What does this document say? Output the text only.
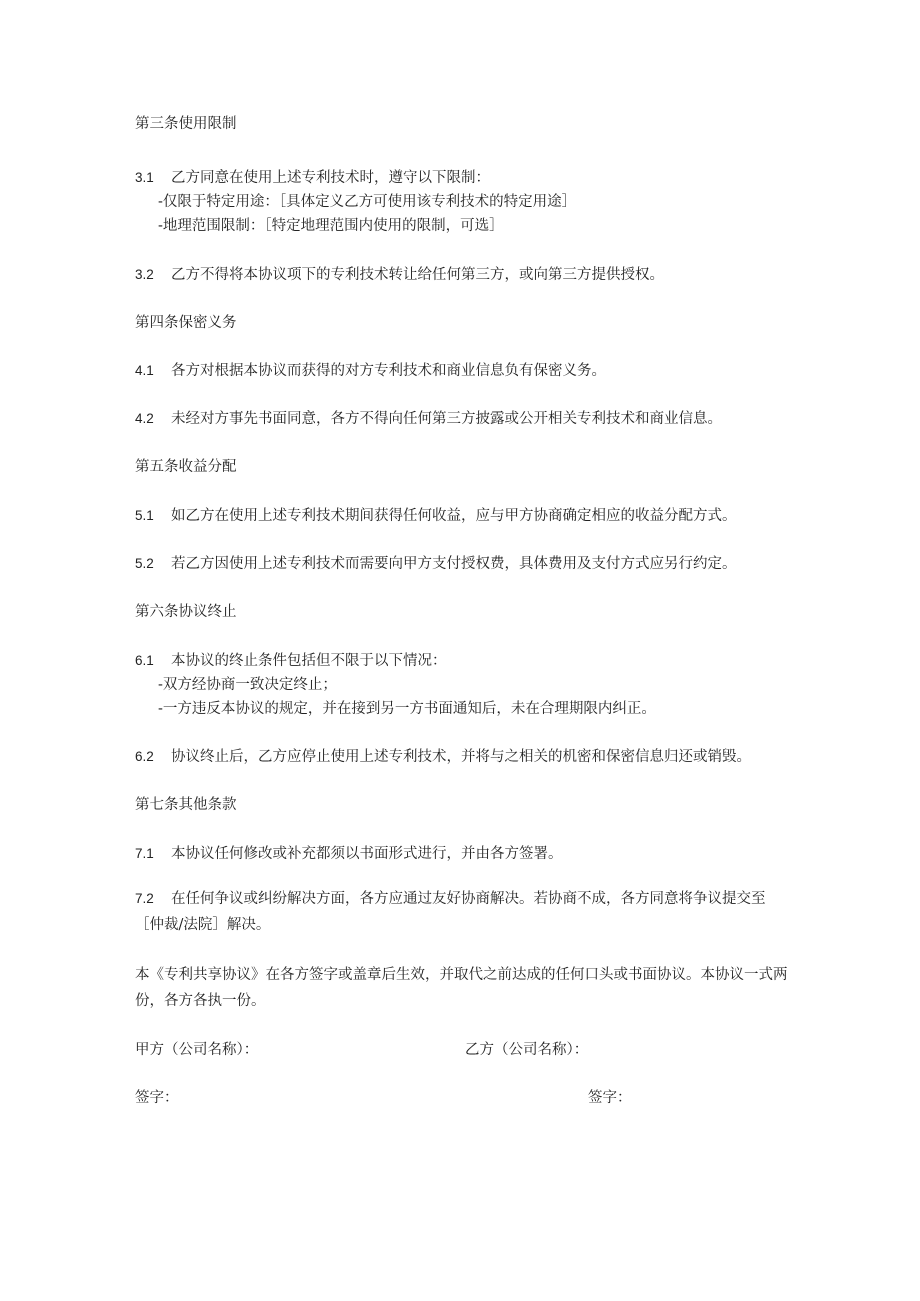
第三条使用限制
3.1 乙方同意在使用上述专利技术时，遵守以下限制：
-仅限于特定用途：［具体定义乙方可使用该专利技术的特定用途］
-地理范围限制：［特定地理范围内使用的限制，可选］
3.2 乙方不得将本协议项下的专利技术转让给任何第三方，或向第三方提供授权。
第四条保密义务
4.1 各方对根据本协议而获得的对方专利技术和商业信息负有保密义务。
4.2 未经对方事先书面同意，各方不得向任何第三方披露或公开相关专利技术和商业信息。
第五条收益分配
5.1 如乙方在使用上述专利技术期间获得任何收益，应与甲方协商确定相应的收益分配方式。
5.2 若乙方因使用上述专利技术而需要向甲方支付授权费，具体费用及支付方式应另行约定。
第六条协议终止
6.1 本协议的终止条件包括但不限于以下情况：
-双方经协商一致决定终止；
-一方违反本协议的规定，并在接到另一方书面通知后，未在合理期限内纠正。
6.2 协议终止后，乙方应停止使用上述专利技术，并将与之相关的机密和保密信息归还或销毁。
第七条其他条款
7.1 本协议任何修改或补充都须以书面形式进行，并由各方签署。
7.2 在任何争议或纠纷解决方面，各方应通过友好协商解决。若协商不成，各方同意将争议提交至［仲裁/法院］解决。
本《专利共享协议》在各方签字或盖章后生效，并取代之前达成的任何口头或书面协议。本协议一式两份，各方各执一份。
甲方（公司名称）：	乙方（公司名称）：
签字：	签字：
